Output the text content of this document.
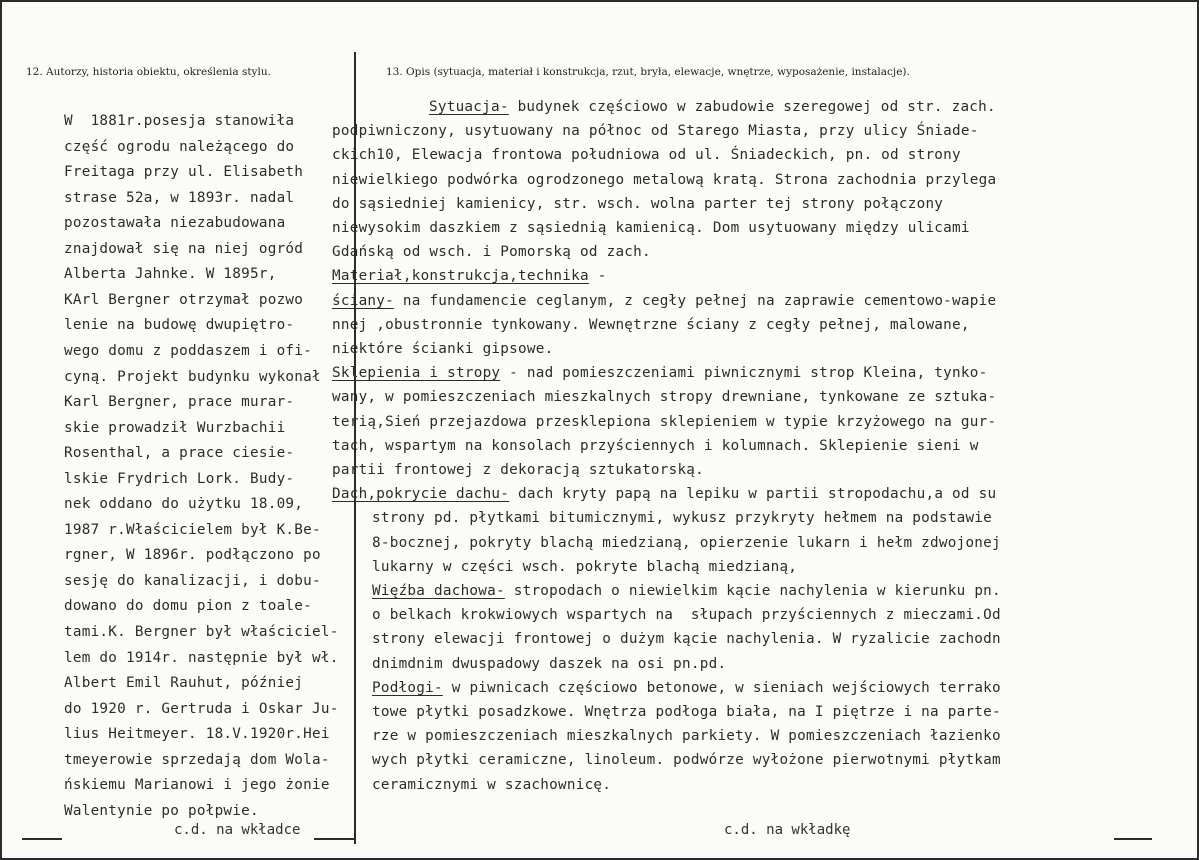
12. Autorzy, historia obiektu, określenia stylu.	13. Opis (sytuacja, materiał i konstrukcja, rzut, bryła, elewacje, wnętrze, wyposażenie, instalacje).
W  1881r.posesja stanowiła
część ogrodu należącego do
Freitaga przy ul. Elisabeth
strase 52a, w 1893r. nadal
pozostawała niezabudowana
znajdował się na niej ogród
Alberta Jahnke. W 1895r,
KArl Bergner otrzymał pozwo
lenie na budowę dwupiętro-
wego domu z poddaszem i ofi-
cyną. Projekt budynku wykonał
Karl Bergner, prace murar-
skie prowadził Wurzbachii
Rosenthal, a prace ciesie-
lskie Frydrich Lork. Budy-
nek oddano do użytku 18.09,
1987 r.Właścicielem był K.Be-
rgner, W 1896r. podłączono po
sesję do kanalizacji, i dobu-
dowano do domu pion z toale-
tami.K. Bergner był właściciel-
lem do 1914r. następnie był wł.
Albert Emil Rauhut, później
do 1920 r. Gertruda i Oskar Ju-
lius Heitmeyer. 18.V.1920r.Hei
tmeyerowie sprzedają dom Wola-
ńskiemu Marianowi i jego żonie
Walentynie po połpwie.
Sytuacja- budynek częściowo w zabudowie szeregowej od str. zach.
podpiwniczony, usytuowany na północ od Starego Miasta, przy ulicy Śniade-
ckich10, Elewacja frontowa południowa od ul. Śniadeckich, pn. od strony
niewielkiego podwórka ogrodzonego metalową kratą. Strona zachodnia przylega
do sąsiedniej kamienicy, str. wsch. wolna parter tej strony połączony
niewysokim daszkiem z sąsiednią kamienicą. Dom usytuowany między ulicami
Gdańską od wsch. i Pomorską od zach.
Materiał,konstrukcja,technika -
ściany- na fundamencie ceglanym, z cegły pełnej na zaprawie cementowo-wapie
nnej ,obustronnie tynkowany. Wewnętrzne ściany z cegły pełnej, malowane,
niektóre ścianki gipsowe.
Sklepienia i stropy - nad pomieszczeniami piwnicznymi strop Kleina, tynko-
wany, w pomieszczeniach mieszkalnych stropy drewniane, tynkowane ze sztuka-
terią,Sień przejazdowa przesklepiona sklepieniem w typie krzyżowego na gur-
tach, wspartym na konsolach przyściennych i kolumnach. Sklepienie sieni w
partii frontowej z dekoracją sztukatorską.
Dach,pokrycie dachu- dach kryty papą na lepiku w partii stropodachu,a od su
strony pd. płytkami bitumicznymi, wykusz przykryty hełmem na podstawie
8-bocznej, pokryty blachą miedzianą, opierzenie lukarn i hełm zdwojonej
lukarny w części wsch. pokryte blachą miedzianą,
Więźba dachowa- stropodach o niewielkim kącie nachylenia w kierunku pn.
o belkach krokwiowych wspartych na  słupach przyściennych z mieczami.Od
strony elewacji frontowej o dużym kącie nachylenia. W ryzalicie zachodn
dnimdnim dwuspadowy daszek na osi pn.pd.
Podłogi- w piwnicach częściowo betonowe, w sieniach wejściowych terrako
towe płytki posadzkowe. Wnętrza podłoga biała, na I piętrze i na parte-
rze w pomieszczeniach mieszkalnych parkiety. W pomieszczeniach łazienko
wych płytki ceramiczne, linoleum. podwórze wyłożone pierwotnymi płytkam
ceramicznymi w szachownicę.
c.d. na wkładce	c.d. na wkładkę
